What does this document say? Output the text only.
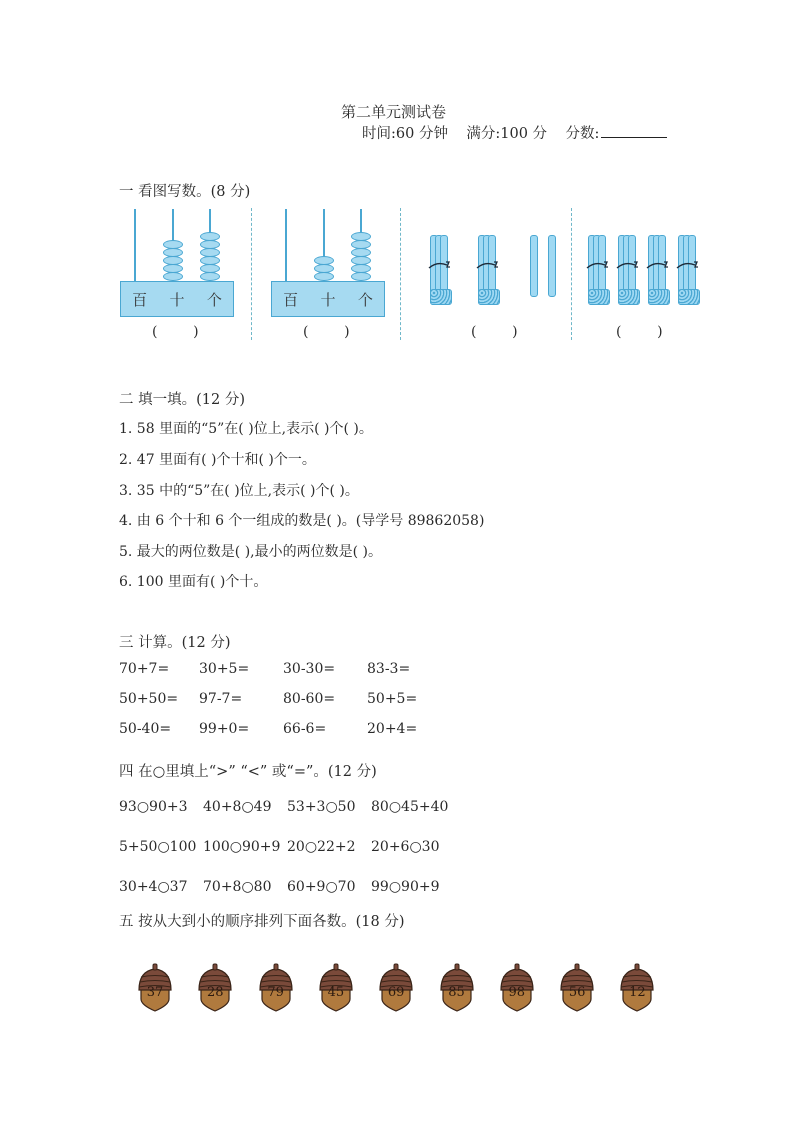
第二单元测试卷
时间:60 分钟 满分:100 分 分数:
一 看图写数。(8 分)
百 十 个
(        )
百 十 个
(        )	(        )	(        )
二 填一填。(12 分)
1. 58 里面的“5”在( )位上,表示( )个( )。
2. 47 里面有( )个十和( )个一。
3. 35 中的“5”在( )位上,表示( )个( )。
4. 由 6 个十和 6 个一组成的数是( )。(导学号 89862058)
5. 最大的两位数是( ),最小的两位数是( )。
6. 100 里面有( )个十。
三 计算。(12 分)
70+7= 30+5= 30-30= 83-3=
50+50= 97-7=	80-60= 50+5=
50-40= 99+0= 66-6=	20+4=
四 在○里填上“>” “<” 或“=”。(12 分)
93○90+3 40+8○49 53+3○50 80○45+40
5+50○100 100○90+9 20○22+2 20+6○30
30+4○37 70+8○80 60+9○70 99○90+9
五 按从大到小的顺序排列下面各数。(18 分)
37	28	79	45	69	85	98	56	12
